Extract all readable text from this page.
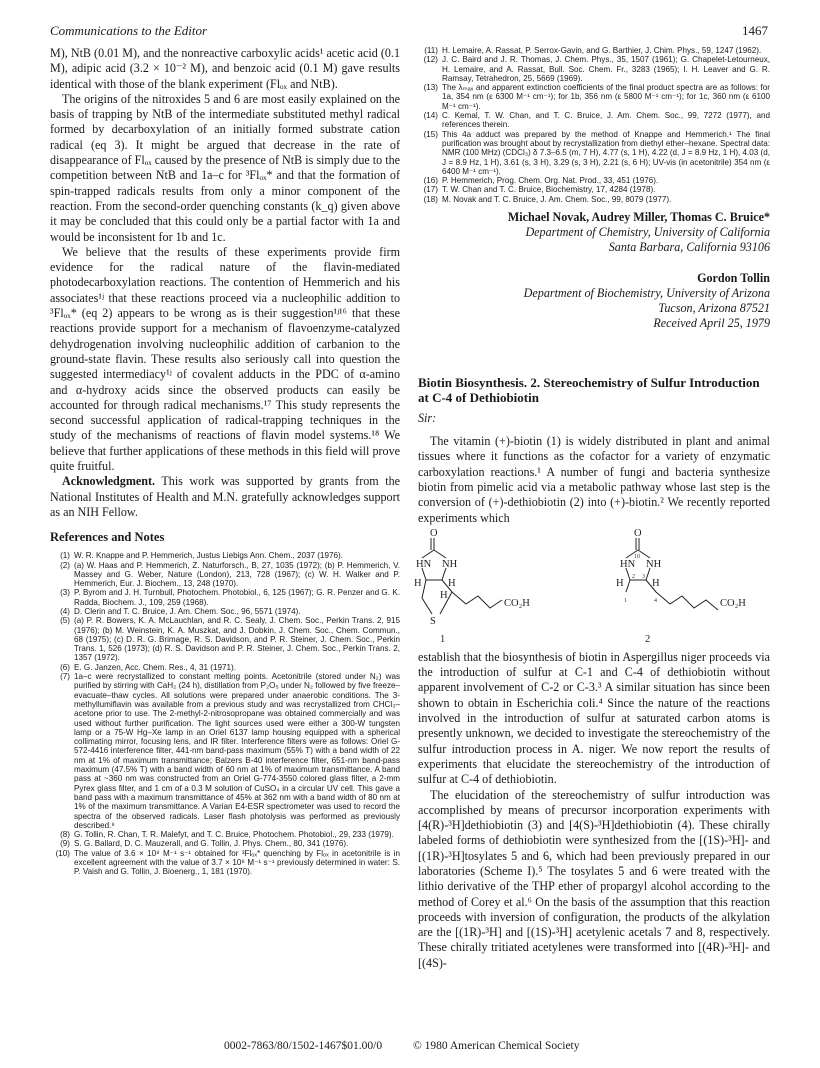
Communications to the Editor	1467

M), NtB (0.01 M), and the nonreactive carboxylic acids¹ acetic acid (0.1 M), adipic acid (3.2 × 10⁻² M), and benzoic acid (0.1 M) gave results identical with those of the blank experiment (Flₒₓ and NtB).

The origins of the nitroxides 5 and 6 are most easily explained on the basis of trapping by NtB of the intermediate substituted methyl radical formed by decarboxylation of an initially formed substrate cation radical (eq 3). It might be argued that decrease in the rate of disappearance of Flₒₓ caused by the presence of NtB is simply due to the competition between NtB and 1a–c for ³Flₒₓ* and that the formation of spin-trapped radicals results from only a minor component of the reaction. From the second-order quenching constants (k_q) given above it may be concluded that this could only be a partial factor with 1a and would be inconsistent for 1b and 1c.

We believe that the results of these experiments provide firm evidence for the radical nature of the flavin-mediated photodecarboxylation reactions. The contention of Hemmerich and his associates¹ʲ that these reactions proceed via a nucleophilic addition to ³Flₒₓ* (eq 2) appears to be wrong as is their suggestion¹ʲ¹⁶ that these reactions provide support for a mechanism of flavoenzyme-catalyzed dehydrogenation involving nucleophilic addition of carbanion to the ground-state flavin. These results also seriously call into question the suggested intermediacy¹ʲ of covalent adducts in the PDC of α-amino and α-hydroxy acids since the observed products can easily be accounted for through radical mechanisms.¹⁷ This study represents the second successful application of radical-trapping techniques in the study of the mechanisms of reactions of flavin model systems.¹⁸ We believe that further applications of these methods in this field will prove quite fruitful.

Acknowledgment. This work was supported by grants from the National Institutes of Health and M.N. gratefully acknowledges support as an NIH Fellow.

References and Notes
(1) W. R. Knappe and P. Hemmerich, Justus Liebigs Ann. Chem., 2037 (1976).
(2) (a) W. Haas and P. Hemmerich, Z. Naturforsch., B, 27, 1035 (1972); (b) P. Hemmerich, V. Massey and G. Weber, Nature (London), 213, 728 (1967); (c) W. H. Walker and P. Hemmerich, Eur. J. Biochem., 13, 248 (1970).
(3) P. Byrom and J. H. Turnbull, Photochem. Photobiol., 6, 125 (1967); G. R. Penzer and G. K. Radda, Biochem. J., 109, 259 (1968).
(4) D. Clerin and T. C. Bruice, J. Am. Chem. Soc., 96, 5571 (1974).
(5) (a) P. R. Bowers, K. A. McLauchlan, and R. C. Sealy, J. Chem. Soc., Perkin Trans. 2, 915 (1976); (b) M. Weinstein, K. A. Muszkat, and J. Dobkin, J. Chem. Soc., Chem. Commun., 68 (1975); (c) D. R. G. Brimage, R. S. Davidson, and P. R. Steiner, J. Chem. Soc., Perkin Trans. 1, 526 (1973); (d) R. S. Davidson and P. R. Steiner, J. Chem. Soc., Perkin Trans. 2, 1357 (1972).
(6) E. G. Janzen, Acc. Chem. Res., 4, 31 (1971).
(7) 1a–c were recrystallized to constant melting points. Acetonitrile (stored under N₂) was purified by stirring with CaH₂ (24 h), distillation from P₂O₅ under N₂ followed by five freeze–evacuate–thaw cycles. All solutions were prepared under anaerobic conditions. The 3-methyllumiflavin was available from a previous study and was recrystallized from CHCl₃–acetone prior to use. The 2-methyl-2-nitrosopropane was obtained commercially and was used without further purification. The light sources used were either a 300-W tungsten lamp or a 75-W Hg–Xe lamp in an Oriel 6137 lamp housing equipped with a spherical collimating mirror, focusing lens, and IR filter. Interference filters were as follows: Oriel G-572-4416 interference filter, 441-nm band-pass maximum (55% T) with a band width of 22 nm at 1% of maximum transmittance; Balzers B-40 interference filter, 651-nm band-pass maximum (47.5% T) with a band width of 60 nm at 1% of maximum transmittance. A band pass at ~360 nm was constructed from an Oriel G-774-3550 colored glass filter, a 2-mm Pyrex glass filter, and 1 cm of a 0.3 M solution of CuSO₄ in a circular UV cell. This gave a band pass with a maximum transmittance of 45% at 362 nm with a band width of 80 nm at 1% of the maximum transmittance. A Varian E4-ESR spectrometer was used to record the spectra of the observed radicals. Laser flash photolysis was performed as previously described.⁸
(8) G. Tollin, R. Chan, T. R. Malefyt, and T. C. Bruice, Photochem. Photobiol., 29, 233 (1979).
(9) S. G. Ballard, D. C. Mauzerall, and G. Tollin, J. Phys. Chem., 80, 341 (1976).
(10) The value of 3.6 × 10⁸ M⁻¹ s⁻¹ obtained for ³Flₒₓ* quenching by Flₒₓ in acetonitrile is in excellent agreement with the value of 3.7 × 10⁸ M⁻¹ s⁻¹ previously determined in water: S. P. Vaish and G. Tollin, J. Bioenerg., 1, 181 (1970).
(11) H. Lemaire, A. Rassat, P. Serrox-Gavin, and G. Barthier, J. Chim. Phys., 59, 1247 (1962).
(12) J. C. Baird and J. R. Thomas, J. Chem. Phys., 35, 1507 (1961); G. Chapelet-Letourneux, H. Lemaire, and A. Rassat, Bull. Soc. Chem. Fr., 3283 (1965); I. H. Leaver and G. R. Ramsay, Tetrahedron, 25, 5669 (1969).
(13) The λₘₐₓ and apparent extinction coefficients of the final product spectra are as follows: for 1a, 354 nm (ε 6300 M⁻¹ cm⁻¹); for 1b, 356 nm (ε 5800 M⁻¹ cm⁻¹); for 1c, 360 nm (ε 6100 M⁻¹ cm⁻¹).
(14) C. Kemal, T. W. Chan, and T. C. Bruice, J. Am. Chem. Soc., 99, 7272 (1977), and references therein.
(15) This 4a adduct was prepared by the method of Knappe and Hemmerich.¹ The final purification was brought about by recrystallization from diethyl ether–hexane. Spectral data: NMR (100 MHz) (CDCl₃) δ 7.3–6.5 (m, 7 H), 4.77 (s, 1 H), 4.22 (d, J = 8.9 Hz, 1 H), 4.03 (d, J = 8.9 Hz, 1 H), 3.61 (s, 3 H), 3.29 (s, 3 H), 2.21 (s, 6 H); UV-vis (in acetonitrile) 354 nm (ε 6400 M⁻¹ cm⁻¹).
(16) P. Hemmerich, Prog. Chem. Org. Nat. Prod., 33, 451 (1976).
(17) T. W. Chan and T. C. Bruice, Biochemistry, 17, 4284 (1978).
(18) M. Novak and T. C. Bruice, J. Am. Chem. Soc., 99, 8079 (1977).
Michael Novak, Audrey Miller, Thomas C. Bruice*
Department of Chemistry, University of California
Santa Barbara, California 93106
Gordon Tollin
Department of Biochemistry, University of Arizona
Tucson, Arizona 87521
Received April 25, 1979
Biotin Biosynthesis. 2. Stereochemistry of Sulfur Introduction at C-4 of Dethiobiotin
Sir:

The vitamin (+)-biotin (1) is widely distributed in plant and animal tissues where it functions as the cofactor for a variety of enzymatic carboxylation reactions.¹ A number of fungi and bacteria synthesize biotin from pimelic acid via a metabolic pathway whose last step is the conversion of (+)-dethiobiotin (2) into (+)-biotin.² We recently reported experiments which

O
HN NH
H	H
H
S
CO₂H
1
O
HN NH
H	H
CO₂H
2
10
2 3
4
1

establish that the biosynthesis of biotin in Aspergillus niger proceeds via the introduction of sulfur at C-1 and C-4 of dethiobiotin without apparent involvement of C-2 or C-3.³ A similar situation has since been shown to obtain in Escherichia coli.⁴ Since the nature of the reactions involved in the introduction of sulfur at saturated carbon atoms is presently unknown, we decided to investigate the stereochemistry of the sulfur introduction process in A. niger. We now report the results of experiments that elucidate the stereochemistry of the introduction of sulfur at C-4 of dethiobiotin.

The elucidation of the stereochemistry of sulfur introduction was accomplished by means of precursor incorporation experiments with [4(R)-³H]dethiobiotin (3) and [4(S)-³H]dethiobiotin (4). These chirally labeled forms of dethiobiotin were synthesized from the [(1S)-³H]- and [(1R)-³H]tosylates 5 and 6, which had been previously prepared in our laboratories (Scheme I).⁵ The tosylates 5 and 6 were treated with the lithio derivative of the THP ether of propargyl alcohol according to the method of Corey et al.⁶ On the basis of the assumption that this reaction proceeds with inversion of configuration, the products of the alkylation are the [(1R)-³H] and [(1S)-³H] acetylenic acetals 7 and 8, respectively. These chirally tritiated acetylenes were transformed into [(4R)-³H]- and [(4S)-

0002-7863/80/1502-1467$01.00/0	© 1980 American Chemical Society
